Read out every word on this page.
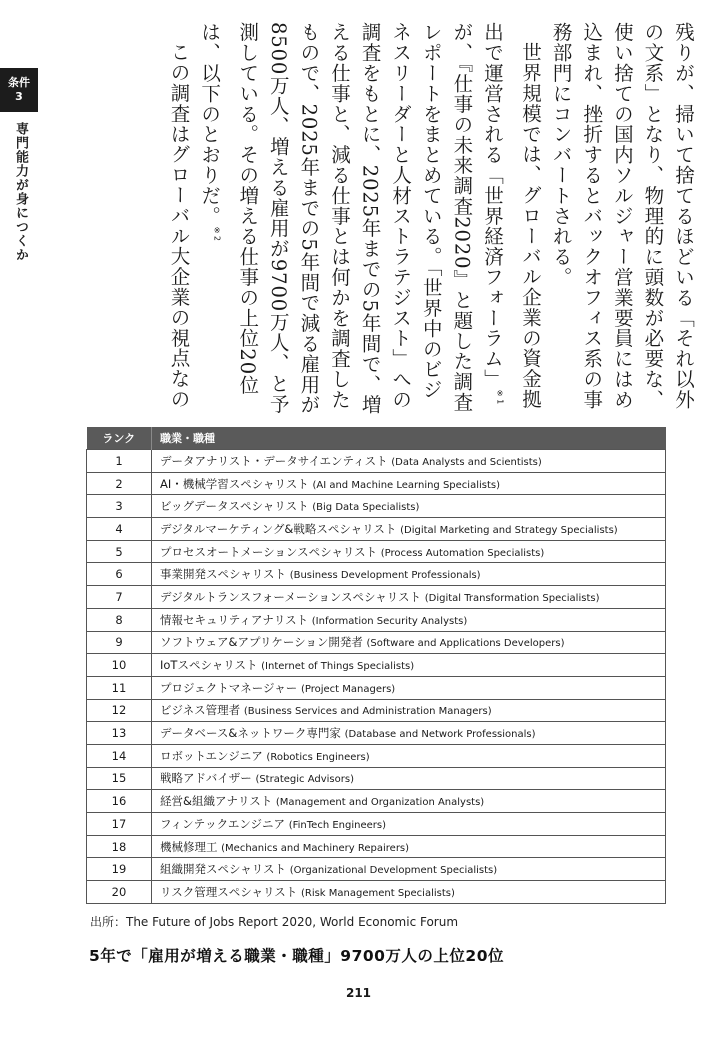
条件
3
専門能力が身につくか	残りが、掃いて捨てるほどいる「それ以外の文系」となり、物理的に頭数が必要な、使い捨ての国内ソルジャー営業要員にはめ込まれ、挫折するとバックオフィス系の事務部門にコンバートされる。

世界規模では、グローバル企業の資金拠出で運営される「世界経済フォーラム」$^{※1}$が、『仕事の未来調査2020』と題した調査レポートをまとめている。「世界中のビジネスリーダーと人材ストラテジスト」への調査をもとに、2025年までの5年間で、増える仕事と、減る仕事とは何かを調査したもので、2025年までの5年間で減る雇用が8500万人、増える雇用が9700万人、と予測している。その増える仕事の上位20位は、以下のとおりだ。$^{※2}$

この調査はグローバル大企業の視点なの

ランク	職業・職種
1	データアナリスト・データサイエンティスト (Data Analysts and Scientists)
2	AI・機械学習スペシャリスト (AI and Machine Learning Specialists)
3	ビッグデータスペシャリスト (Big Data Specialists)
4	デジタルマーケティング&戦略スペシャリスト (Digital Marketing and Strategy Specialists)
5	プロセスオートメーションスペシャリスト (Process Automation Specialists)
6	事業開発スペシャリスト (Business Development Professionals)
7	デジタルトランスフォーメーションスペシャリスト (Digital Transformation Specialists)
8	情報セキュリティアナリスト (Information Security Analysts)
9	ソフトウェア&アプリケーション開発者 (Software and Applications Developers)
10	IoTスペシャリスト (Internet of Things Specialists)
11	プロジェクトマネージャー (Project Managers)
12	ビジネス管理者 (Business Services and Administration Managers)
13	データベース&ネットワーク専門家 (Database and Network Professionals)
14	ロボットエンジニア (Robotics Engineers)
15	戦略アドバイザー (Strategic Advisors)
16	経営&組織アナリスト (Management and Organization Analysts)
17	フィンテックエンジニア (FinTech Engineers)
18	機械修理工 (Mechanics and Machinery Repairers)
19	組織開発スペシャリスト (Organizational Development Specialists)
20	リスク管理スペシャリスト (Risk Management Specialists)
出所：The Future of Jobs Report 2020, World Economic Forum
5年で「雇用が増える職業・職種」9700万人の上位20位
211
